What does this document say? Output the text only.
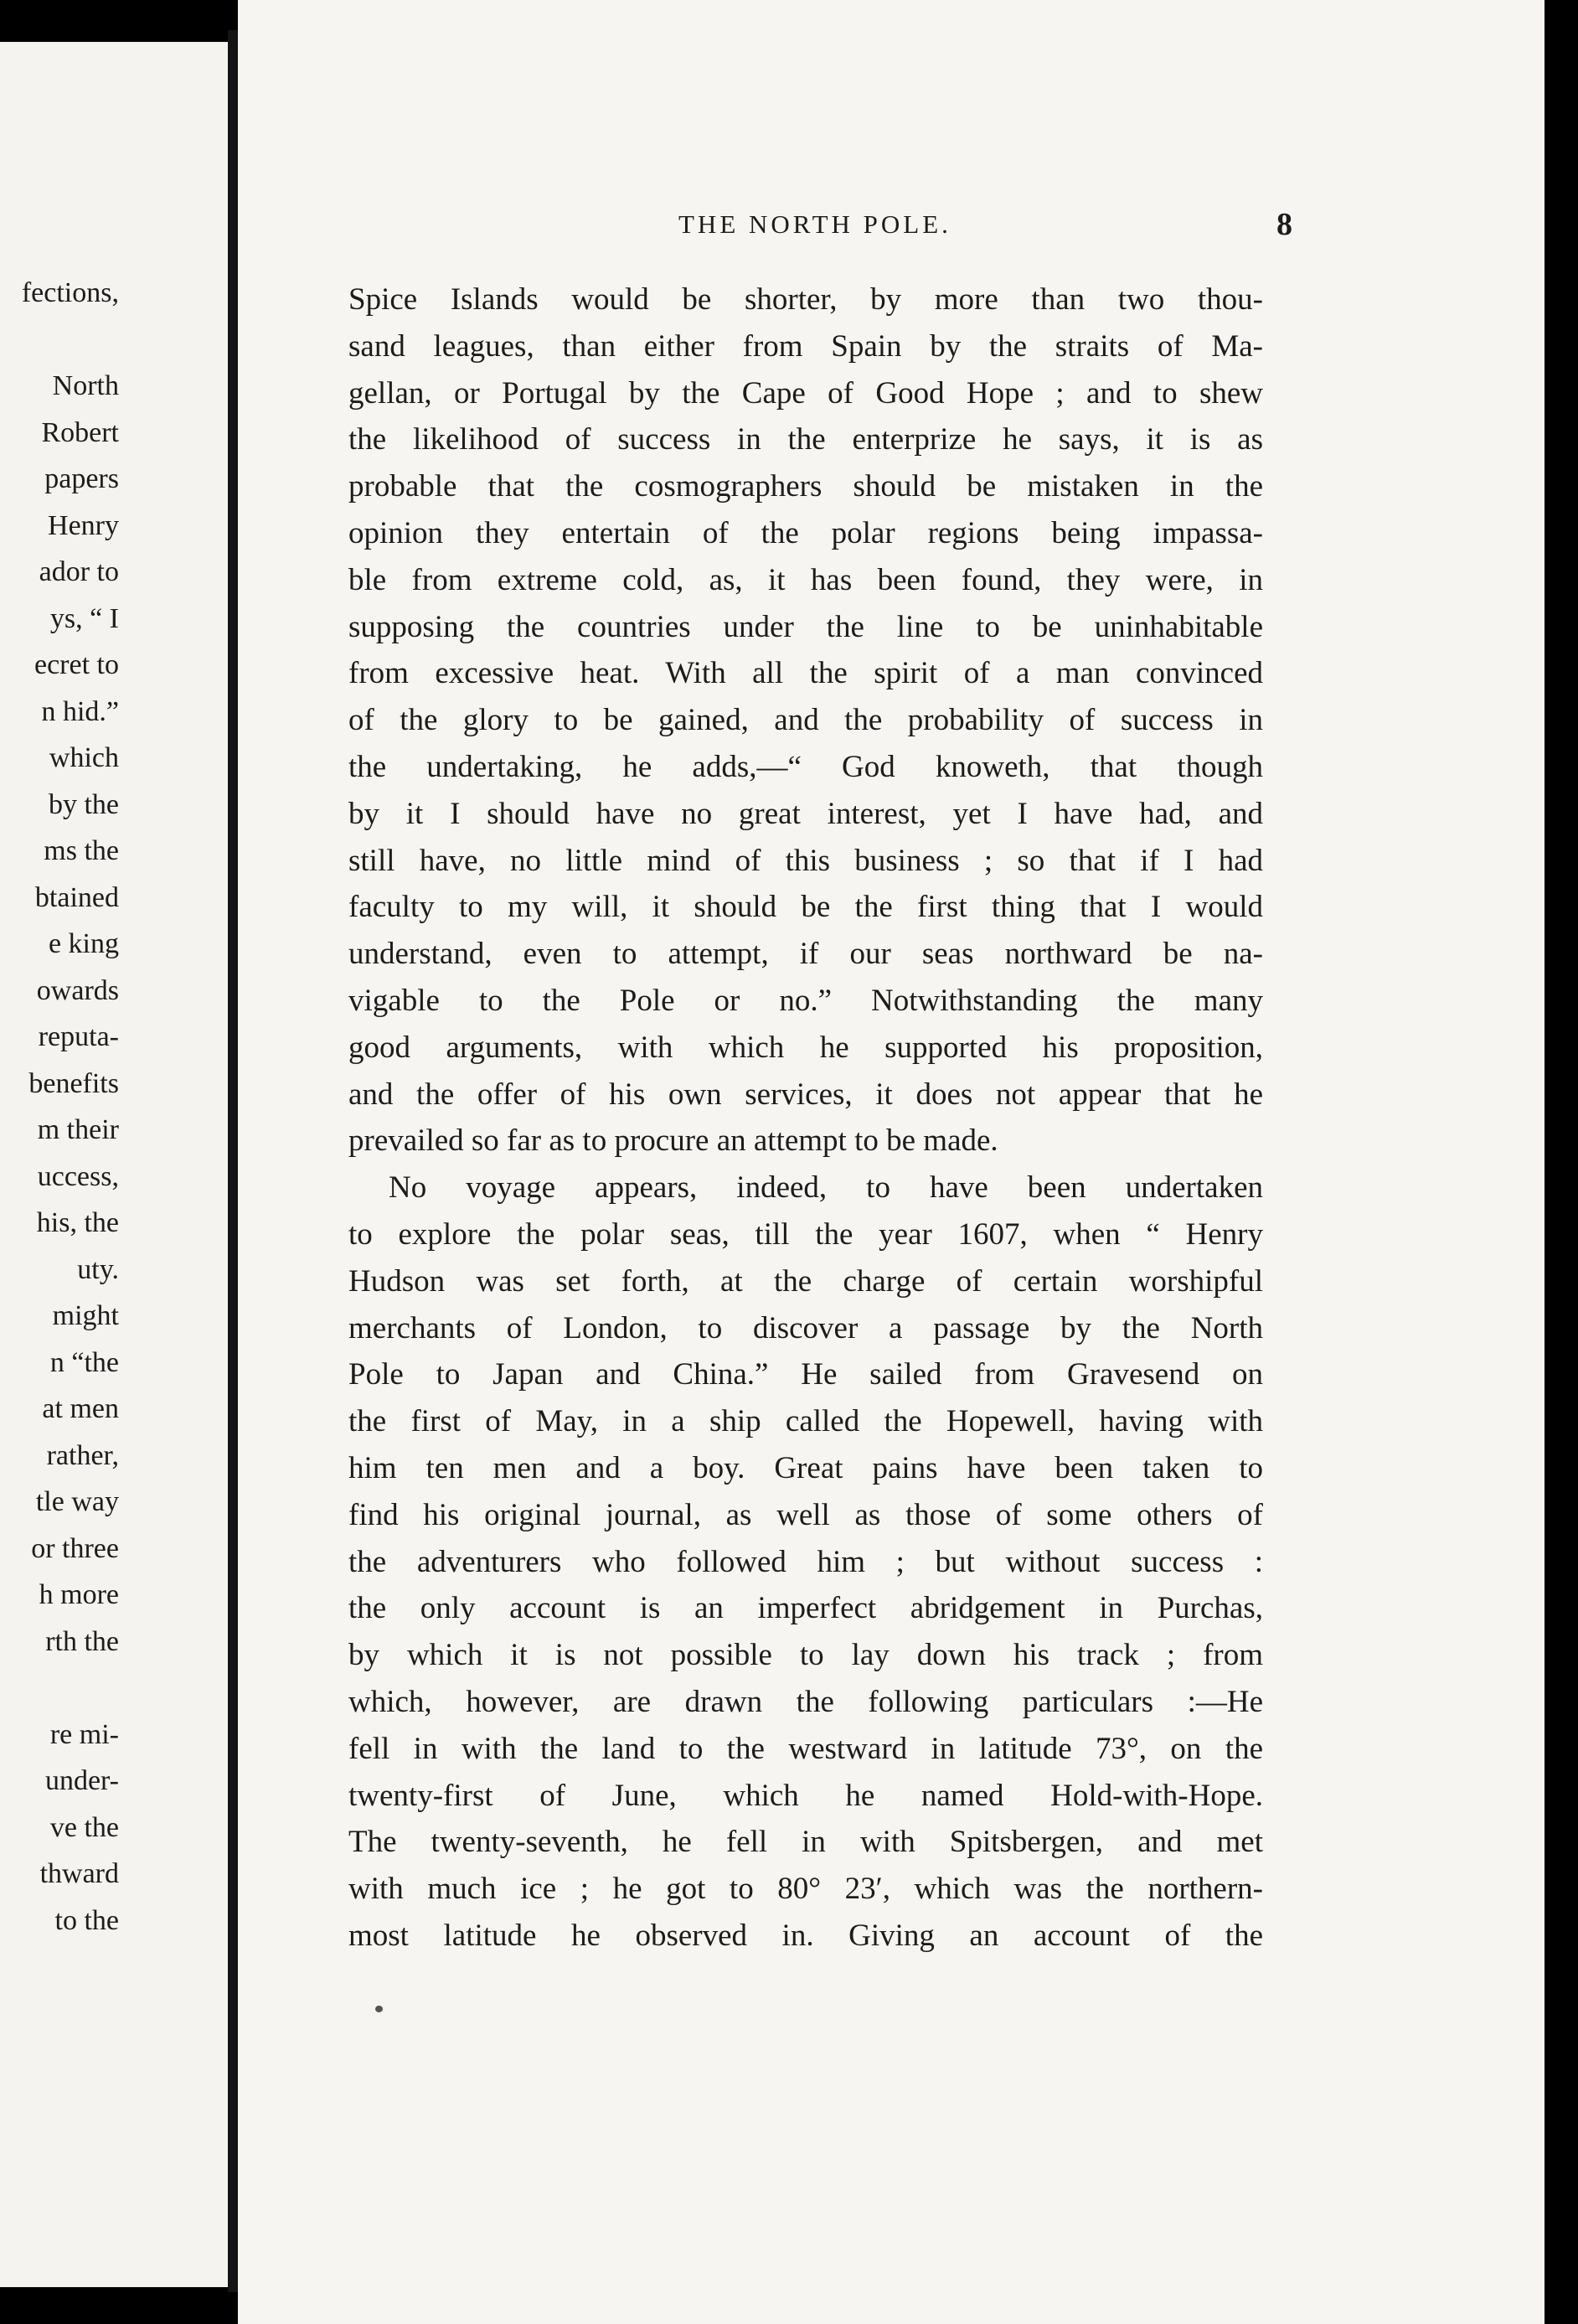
fections,
North
Robert
papers
Henry
ador to
ys, “ I
ecret to
n hid.”
which
by the
ms the
btained
e king
owards
reputa-
benefits
m their
uccess,
his, the
uty.
might
n “the
at men
rather,
tle way
or three
h more
rth the
re mi-
under-
ve the
thward
to the
THE NORTH POLE.	8
Spice Islands would be shorter, by more than two thou-
sand leagues, than either from Spain by the straits of Ma-
gellan, or Portugal by the Cape of Good Hope ; and to shew
the likelihood of success in the enterprize he says, it is as
probable that the cosmographers should be mistaken in the
opinion they entertain of the polar regions being impassa-
ble from extreme cold, as, it has been found, they were, in
supposing the countries under the line to be uninhabitable
from excessive heat. With all the spirit of a man convinced
of the glory to be gained, and the probability of success in
the undertaking, he adds,—“ God knoweth, that though
by it I should have no great interest, yet I have had, and
still have, no little mind of this business ; so that if I had
faculty to my will, it should be the first thing that I would
understand, even to attempt, if our seas northward be na-
vigable to the Pole or no.” Notwithstanding the many
good arguments, with which he supported his proposition,
and the offer of his own services, it does not appear that he
prevailed so far as to procure an attempt to be made.
No voyage appears, indeed, to have been undertaken
to explore the polar seas, till the year 1607, when “ Henry
Hudson was set forth, at the charge of certain worshipful
merchants of London, to discover a passage by the North
Pole to Japan and China.” He sailed from Gravesend on
the first of May, in a ship called the Hopewell, having with
him ten men and a boy. Great pains have been taken to
find his original journal, as well as those of some others of
the adventurers who followed him ; but without success :
the only account is an imperfect abridgement in Purchas,
by which it is not possible to lay down his track ; from
which, however, are drawn the following particulars :—He
fell in with the land to the westward in latitude 73°, on the
twenty-first of June, which he named Hold-with-Hope.
The twenty-seventh, he fell in with Spitsbergen, and met
with much ice ; he got to 80° 23′, which was the northern-
most latitude he observed in. Giving an account of the
